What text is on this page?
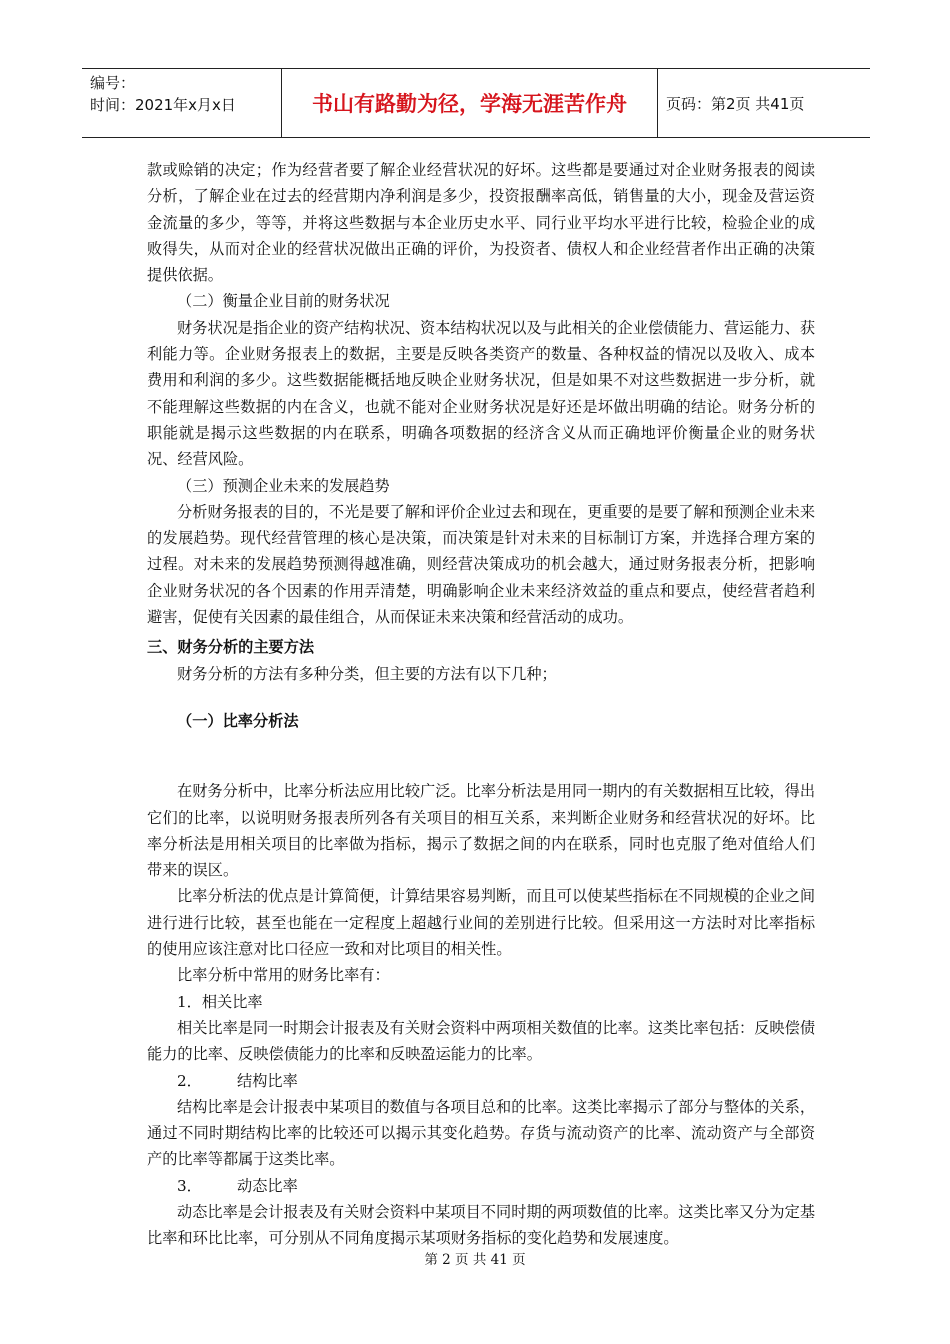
编号：
时间：2021年x月x日	书山有路勤为径，学海无涯苦作舟	页码：第2页 共41页

款或赊销的决定；作为经营者要了解企业经营状况的好坏。这些都是要通过对企业财务报表的阅读分析，了解企业在过去的经营期内净利润是多少，投资报酬率高低，销售量的大小，现金及营运资金流量的多少，等等，并将这些数据与本企业历史水平、同行业平均水平进行比较，检验企业的成败得失，从而对企业的经营状况做出正确的评价，为投资者、债权人和企业经营者作出正确的决策提供依据。

（二）衡量企业目前的财务状况

财务状况是指企业的资产结构状况、资本结构状况以及与此相关的企业偿债能力、营运能力、获利能力等。企业财务报表上的数据，主要是反映各类资产的数量、各种权益的情况以及收入、成本费用和利润的多少。这些数据能概括地反映企业财务状况，但是如果不对这些数据进一步分析，就不能理解这些数据的内在含义，也就不能对企业财务状况是好还是坏做出明确的结论。财务分析的职能就是揭示这些数据的内在联系，明确各项数据的经济含义从而正确地评价衡量企业的财务状况、经营风险。

（三）预测企业未来的发展趋势

分析财务报表的目的，不光是要了解和评价企业过去和现在，更重要的是要了解和预测企业未来的发展趋势。现代经营管理的核心是决策，而决策是针对未来的目标制订方案，并选择合理方案的过程。对未来的发展趋势预测得越准确，则经营决策成功的机会越大，通过财务报表分析，把影响企业财务状况的各个因素的作用弄清楚，明确影响企业未来经济效益的重点和要点，使经营者趋利避害，促使有关因素的最佳组合，从而保证未来决策和经营活动的成功。

三、财务分析的主要方法

财务分析的方法有多种分类，但主要的方法有以下几种；

（一）比率分析法

在财务分析中，比率分析法应用比较广泛。比率分析法是用同一期内的有关数据相互比较，得出它们的比率，以说明财务报表所列各有关项目的相互关系，来判断企业财务和经营状况的好坏。比率分析法是用相关项目的比率做为指标，揭示了数据之间的内在联系，同时也克服了绝对值给人们带来的误区。

比率分析法的优点是计算简便，计算结果容易判断，而且可以使某些指标在不同规模的企业之间进行进行比较，甚至也能在一定程度上超越行业间的差别进行比较。但采用这一方法时对比率指标的使用应该注意对比口径应一致和对比项目的相关性。

比率分析中常用的财务比率有：

1．相关比率

相关比率是同一时期会计报表及有关财会资料中两项相关数值的比率。这类比率包括：反映偿债能力的比率、反映偿债能力的比率和反映盈运能力的比率。

2． 结构比率

结构比率是会计报表中某项目的数值与各项目总和的比率。这类比率揭示了部分与整体的关系，通过不同时期结构比率的比较还可以揭示其变化趋势。存货与流动资产的比率、流动资产与全部资产的比率等都属于这类比率。

3． 动态比率

动态比率是会计报表及有关财会资料中某项目不同时期的两项数值的比率。这类比率又分为定基比率和环比比率，可分别从不同角度揭示某项财务指标的变化趋势和发展速度。

第 2 页 共 41 页
